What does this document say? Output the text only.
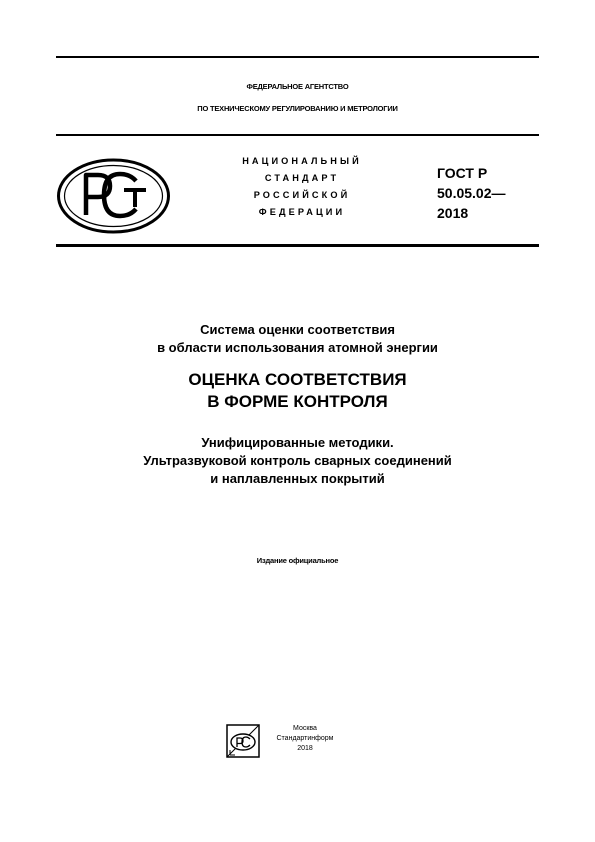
ФЕДЕРАЛЬНОЕ АГЕНТСТВО
ПО ТЕХНИЧЕСКОМУ РЕГУЛИРОВАНИЮ И МЕТРОЛОГИИ
НАЦИОНАЛЬНЫЙ
СТАНДАРТ
РОССИЙСКОЙ
ФЕДЕРАЦИИ
ГОСТ Р
50.05.02—
2018
Система оценки соответствия
в области использования атомной энергии
ОЦЕНКА СООТВЕТСТВИЯ
В ФОРМЕ КОНТРОЛЯ
Унифицированные методики.
Ультразвуковой контроль сварных соединений
и наплавленных покрытий
Издание официальное
Москва
Стандартинформ
2018
